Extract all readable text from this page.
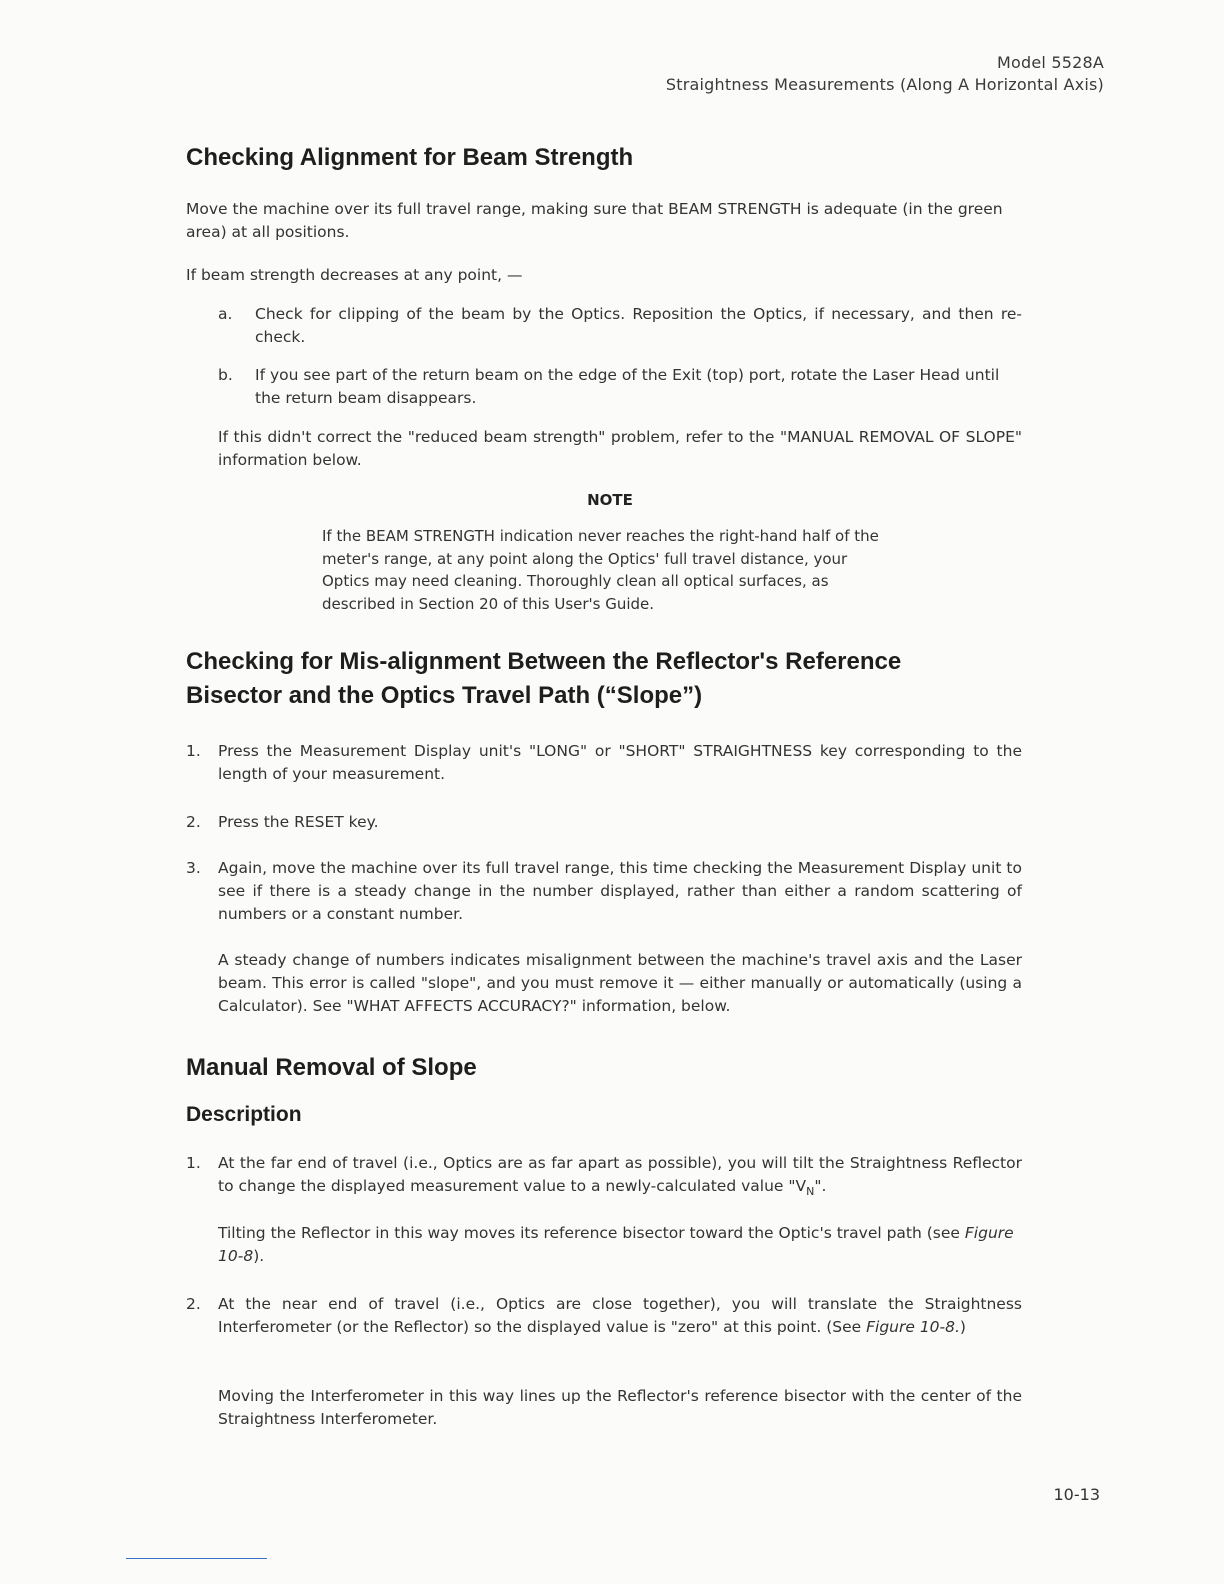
Model 5528A
Straightness Measurements (Along A Horizontal Axis)
Checking Alignment for Beam Strength

Move the machine over its full travel range, making sure that BEAM STRENGTH is adequate (in the green area) at all positions.

If beam strength decreases at any point, —

a. Check for clipping of the beam by the Optics. Reposition the Optics, if necessary, and then re-check.
b. If you see part of the return beam on the edge of the Exit (top) port, rotate the Laser Head until the return beam disappears.

If this didn't correct the "reduced beam strength" problem, refer to the "MANUAL REMOVAL OF SLOPE" information below.

NOTE

If the BEAM STRENGTH indication never reaches the right-hand half of the meter's range, at any point along the Optics' full travel distance, your Optics may need cleaning. Thoroughly clean all optical surfaces, as described in Section 20 of this User's Guide.

Checking for Mis-alignment Between the Reflector's Reference
Bisector and the Optics Travel Path (“Slope”)
1. Press the Measurement Display unit's "LONG" or "SHORT" STRAIGHTNESS key corresponding to the length of your measurement.
2. Press the RESET key.
3. Again, move the machine over its full travel range, this time checking the Measurement Display unit to see if there is a steady change in the number displayed, rather than either a random scattering of numbers or a constant number.

A steady change of numbers indicates misalignment between the machine's travel axis and the Laser beam. This error is called "slope", and you must remove it — either manually or automatically (using a Calculator). See "WHAT AFFECTS ACCURACY?" information, below.

Manual Removal of Slope
Description
1. At the far end of travel (i.e., Optics are as far apart as possible), you will tilt the Straightness Reflector to change the displayed measurement value to a newly-calculated value "$V_N$".

Tilting the Reflector in this way moves its reference bisector toward the Optic's travel path (see Figure 10-8).

2. At the near end of travel (i.e., Optics are close together), you will translate the Straightness Interferometer (or the Reflector) so the displayed value is "zero" at this point. (See Figure 10-8.)

Moving the Interferometer in this way lines up the Reflector's reference bisector with the center of the Straightness Interferometer.

10-13
